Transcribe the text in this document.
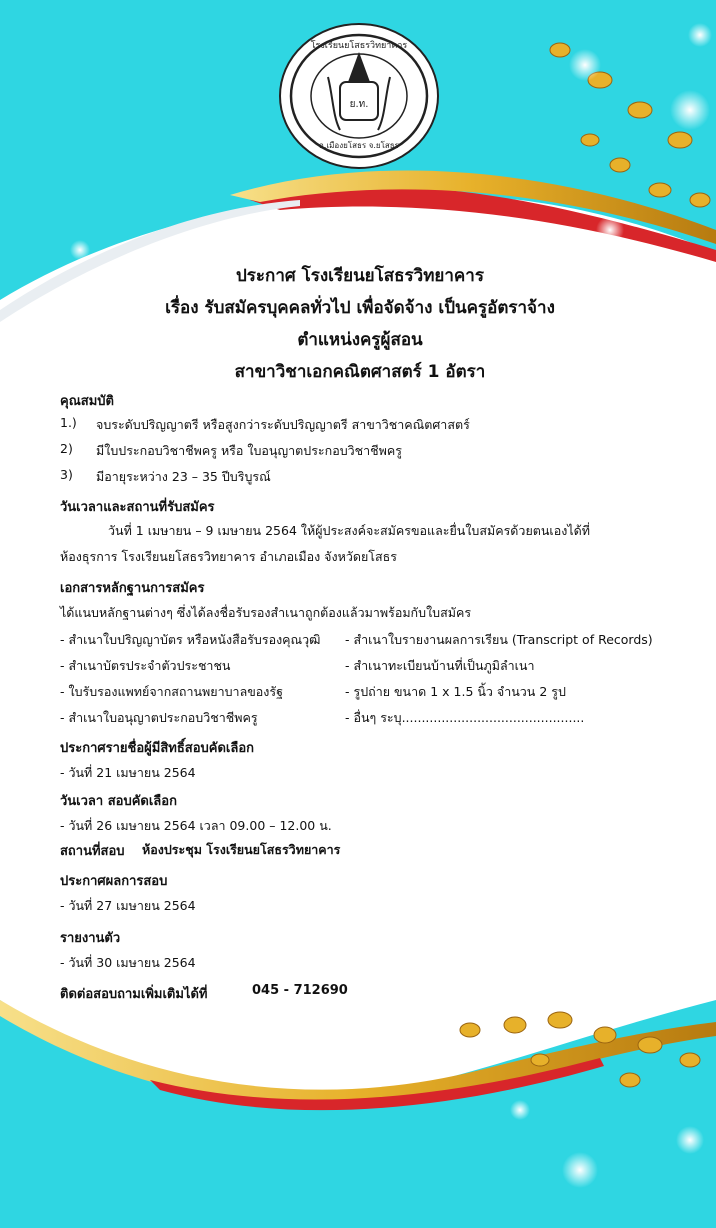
ย.ท.
โรงเรียนยโสธรวิทยาคาร
อ.เมืองยโสธร จ.ยโสธร
ประกาศ โรงเรียนยโสธรวิทยาคาร
เรื่อง รับสมัครบุคคลทั่วไป เพื่อจัดจ้าง เป็นครูอัตราจ้าง
ตำแหน่งครูผู้สอน
สาขาวิชาเอกคณิตศาสตร์ 1 อัตรา
คุณสมบัติ
1.) จบระดับปริญญาตรี หรือสูงกว่าระดับปริญญาตรี สาขาวิชาคณิตศาสตร์
2) มีใบประกอบวิชาชีพครู หรือ ใบอนุญาตประกอบวิชาชีพครู
3) มีอายุระหว่าง 23 – 35 ปีบริบูรณ์
วันเวลาและสถานที่รับสมัคร
วันที่ 1 เมษายน – 9 เมษายน 2564 ให้ผู้ประสงค์จะสมัครขอและยื่นใบสมัครด้วยตนเองได้ที่
ห้องธุรการ โรงเรียนยโสธรวิทยาคาร อำเภอเมือง จังหวัดยโสธร
เอกสารหลักฐานการสมัคร
ได้แนบหลักฐานต่างๆ ซึ่งได้ลงชื่อรับรองสำเนาถูกต้องแล้วมาพร้อมกับใบสมัคร
- สำเนาใบปริญญาบัตร หรือหนังสือรับรองคุณวุฒิ - สำเนาใบรายงานผลการเรียน (Transcript of Records)
- สำเนาบัตรประจำตัวประชาชน	- สำเนาทะเบียนบ้านที่เป็นภูมิลำเนา
- ใบรับรองแพทย์จากสถานพยาบาลของรัฐ	- รูปถ่าย ขนาด 1 x 1.5 นิ้ว จำนวน 2 รูป
- สำเนาใบอนุญาตประกอบวิชาชีพครู	- อื่นๆ ระบุ..............................................
ประกาศรายชื่อผู้มีสิทธิ์สอบคัดเลือก
- วันที่ 21 เมษายน 2564
วันเวลา สอบคัดเลือก
- วันที่ 26 เมษายน 2564 เวลา 09.00 – 12.00 น.
สถานที่สอบ ห้องประชุม โรงเรียนยโสธรวิทยาคาร
ประกาศผลการสอบ
- วันที่ 27 เมษายน 2564
รายงานตัว
- วันที่ 30 เมษายน 2564
ติดต่อสอบถามเพิ่มเติมได้ที่	045 - 712690
